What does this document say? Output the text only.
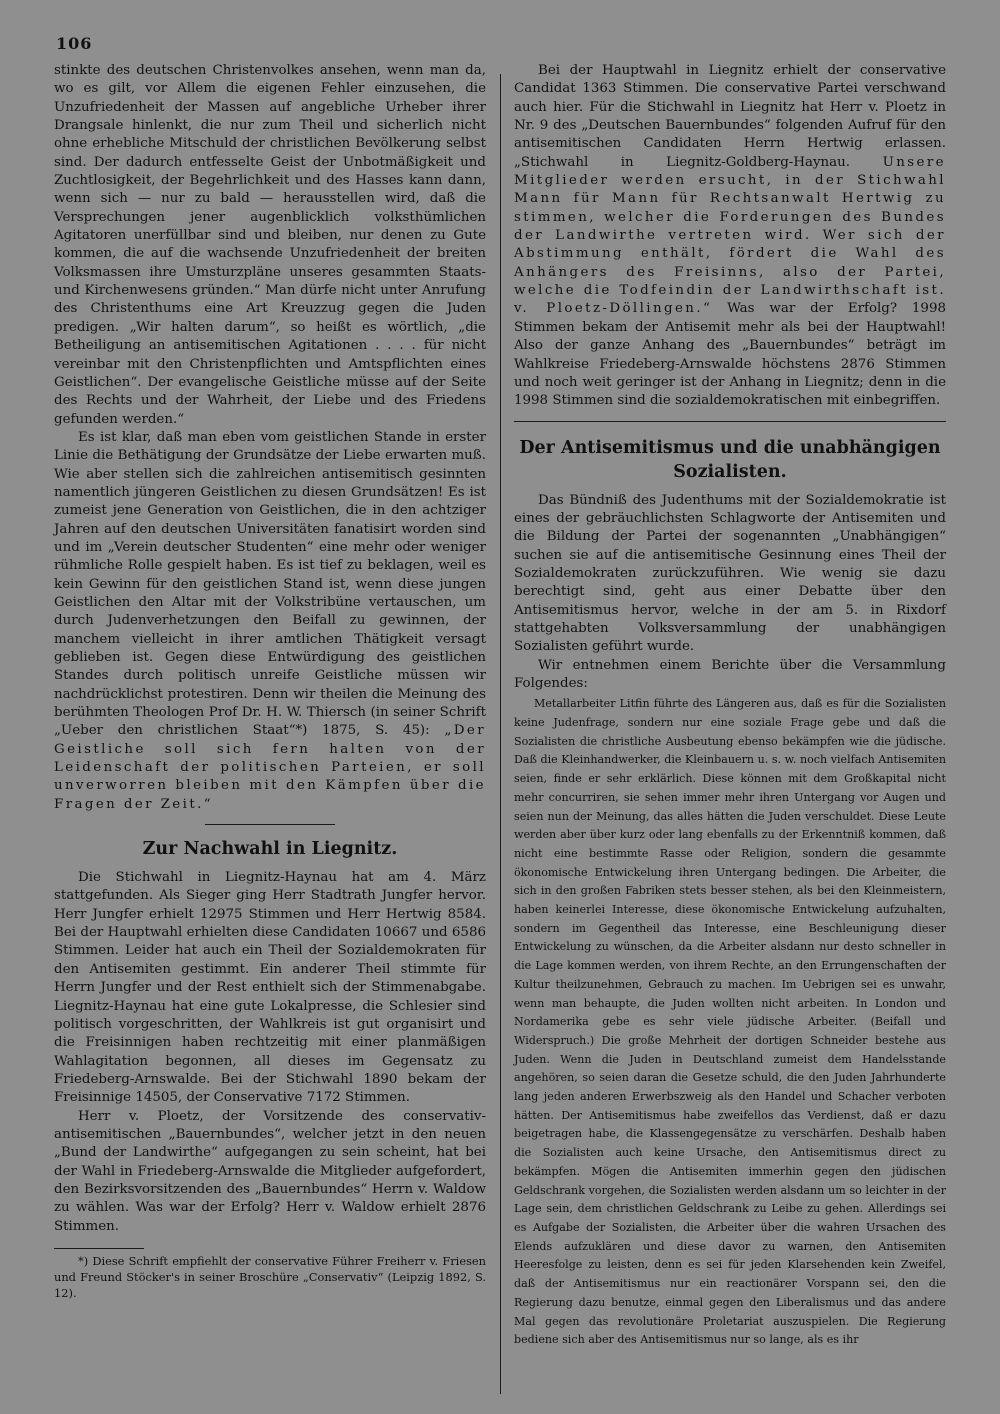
106

stinkte des deutschen Christenvolkes ansehen, wenn man da, wo es gilt, vor Allem die eigenen Fehler einzusehen, die Unzufriedenheit der Massen auf angebliche Urheber ihrer Drangsale hinlenkt, die nur zum Theil und sicherlich nicht ohne erhebliche Mitschuld der christlichen Bevölkerung selbst sind. Der dadurch entfesselte Geist der Unbotmäßigkeit und Zuchtlosigkeit, der Begehrlichkeit und des Hasses kann dann, wenn sich — nur zu bald — herausstellen wird, daß die Versprechungen jener augenblicklich volksthümlichen Agitatoren unerfüllbar sind und bleiben, nur denen zu Gute kommen, die auf die wachsende Unzufriedenheit der breiten Volksmassen ihre Umsturzpläne unseres gesammten Staats- und Kirchenwesens gründen.“ Man dürfe nicht unter Anrufung des Christenthums eine Art Kreuzzug gegen die Juden predigen. „Wir halten darum“, so heißt es wörtlich, „die Betheiligung an antisemitischen Agitationen . . . . für nicht vereinbar mit den Christenpflichten und Amtspflichten eines Geistlichen“. Der evangelische Geistliche müsse auf der Seite des Rechts und der Wahrheit, der Liebe und des Friedens gefunden werden.“

Es ist klar, daß man eben vom geistlichen Stande in erster Linie die Bethätigung der Grundsätze der Liebe erwarten muß. Wie aber stellen sich die zahlreichen antisemitisch gesinnten namentlich jüngeren Geistlichen zu diesen Grundsätzen! Es ist zumeist jene Generation von Geistlichen, die in den achtziger Jahren auf den deutschen Universitäten fanatisirt worden sind und im „Verein deutscher Studenten“ eine mehr oder weniger rühmliche Rolle gespielt haben. Es ist tief zu beklagen, weil es kein Gewinn für den geistlichen Stand ist, wenn diese jungen Geistlichen den Altar mit der Volkstribüne vertauschen, um durch Judenverhetzungen den Beifall zu gewinnen, der manchem vielleicht in ihrer amtlichen Thätigkeit versagt geblieben ist. Gegen diese Entwürdigung des geistlichen Standes durch politisch unreife Geistliche müssen wir nachdrücklichst protestiren. Denn wir theilen die Meinung des berühmten Theologen Prof Dr. H. W. Thiersch (in seiner Schrift „Ueber den christlichen Staat“*) 1875, S. 45): „Der Geistliche soll sich fern halten von der Leidenschaft der politischen Parteien, er soll unverworren bleiben mit den Kämpfen über die Fragen der Zeit.“

Zur Nachwahl in Liegnitz.

Die Stichwahl in Liegnitz-Haynau hat am 4. März stattgefunden. Als Sieger ging Herr Stadtrath Jungfer hervor. Herr Jungfer erhielt 12975 Stimmen und Herr Hertwig 8584. Bei der Hauptwahl erhielten diese Candidaten 10667 und 6586 Stimmen. Leider hat auch ein Theil der Sozialdemokraten für den Antisemiten gestimmt. Ein anderer Theil stimmte für Herrn Jungfer und der Rest enthielt sich der Stimmenabgabe. Liegnitz-Haynau hat eine gute Lokalpresse, die Schlesier sind politisch vorgeschritten, der Wahlkreis ist gut organisirt und die Freisinnigen haben rechtzeitig mit einer planmäßigen Wahlagitation begonnen, all dieses im Gegensatz zu Friedeberg-Arnswalde. Bei der Stichwahl 1890 bekam der Freisinnige 14505, der Conservative 7172 Stimmen.

Herr v. Ploetz, der Vorsitzende des conservativ-antisemitischen „Bauernbundes“, welcher jetzt in den neuen „Bund der Landwirthe“ aufgegangen zu sein scheint, hat bei der Wahl in Friedeberg-Arnswalde die Mitglieder aufgefordert, den Bezirksvorsitzenden des „Bauernbundes“ Herrn v. Waldow zu wählen. Was war der Erfolg? Herr v. Waldow erhielt 2876 Stimmen.

*) Diese Schrift empfiehlt der conservative Führer Freiherr v. Friesen und Freund Stöcker's in seiner Broschüre „Conservativ“ (Leipzig 1892, S. 12).

Bei der Hauptwahl in Liegnitz erhielt der conservative Candidat 1363 Stimmen. Die conservative Partei verschwand auch hier. Für die Stichwahl in Liegnitz hat Herr v. Ploetz in Nr. 9 des „Deutschen Bauernbundes“ folgenden Aufruf für den antisemitischen Candidaten Herrn Hertwig erlassen. „Stichwahl in Liegnitz-Goldberg-Haynau. Unsere Mitglieder werden ersucht, in der Stichwahl Mann für Mann für Rechtsanwalt Hertwig zu stimmen, welcher die Forderungen des Bundes der Landwirthe vertreten wird. Wer sich der Abstimmung enthält, fördert die Wahl des Anhängers des Freisinns, also der Partei, welche die Todfeindin der Landwirthschaft ist. v. Ploetz-Döllingen.“ Was war der Erfolg? 1998 Stimmen bekam der Antisemit mehr als bei der Hauptwahl! Also der ganze Anhang des „Bauernbundes“ beträgt im Wahlkreise Friedeberg-Arnswalde höchstens 2876 Stimmen und noch weit geringer ist der Anhang in Liegnitz; denn in die 1998 Stimmen sind die sozialdemokratischen mit einbegriffen.

Der Antisemitismus und die unabhängigen
Sozialisten.

Das Bündniß des Judenthums mit der Sozialdemokratie ist eines der gebräuchlichsten Schlagworte der Antisemiten und die Bildung der Partei der sogenannten „Unabhängigen“ suchen sie auf die antisemitische Gesinnung eines Theil der Sozialdemokraten zurückzuführen. Wie wenig sie dazu berechtigt sind, geht aus einer Debatte über den Antisemitismus hervor, welche in der am 5. in Rixdorf stattgehabten Volksversammlung der unabhängigen Sozialisten geführt wurde.

Wir entnehmen einem Berichte über die Versammlung Folgendes:

Metallarbeiter Litfin führte des Längeren aus, daß es für die Sozialisten keine Judenfrage, sondern nur eine soziale Frage gebe und daß die Sozialisten die christliche Ausbeutung ebenso bekämpfen wie die jüdische. Daß die Kleinhandwerker, die Kleinbauern u. s. w. noch vielfach Antisemiten seien, finde er sehr erklärlich. Diese können mit dem Großkapital nicht mehr concurriren, sie sehen immer mehr ihren Untergang vor Augen und seien nun der Meinung, das alles hätten die Juden verschuldet. Diese Leute werden aber über kurz oder lang ebenfalls zu der Erkenntniß kommen, daß nicht eine bestimmte Rasse oder Religion, sondern die gesammte ökonomische Entwickelung ihren Untergang bedingen. Die Arbeiter, die sich in den großen Fabriken stets besser stehen, als bei den Kleinmeistern, haben keinerlei Interesse, diese ökonomische Entwickelung aufzuhalten, sondern im Gegentheil das Interesse, eine Beschleunigung dieser Entwickelung zu wünschen, da die Arbeiter alsdann nur desto schneller in die Lage kommen werden, von ihrem Rechte, an den Errungenschaften der Kultur theilzunehmen, Gebrauch zu machen. Im Uebrigen sei es unwahr, wenn man behaupte, die Juden wollten nicht arbeiten. In London und Nordamerika gebe es sehr viele jüdische Arbeiter. (Beifall und Widerspruch.) Die große Mehrheit der dortigen Schneider bestehe aus Juden. Wenn die Juden in Deutschland zumeist dem Handelsstande angehören, so seien daran die Gesetze schuld, die den Juden Jahrhunderte lang jeden anderen Erwerbszweig als den Handel und Schacher verboten hätten. Der Antisemitismus habe zweifellos das Verdienst, daß er dazu beigetragen habe, die Klassengegensätze zu verschärfen. Deshalb haben die Sozialisten auch keine Ursache, den Antisemitismus direct zu bekämpfen. Mögen die Antisemiten immerhin gegen den jüdischen Geldschrank vorgehen, die Sozialisten werden alsdann um so leichter in der Lage sein, dem christlichen Geldschrank zu Leibe zu gehen. Allerdings sei es Aufgabe der Sozialisten, die Arbeiter über die wahren Ursachen des Elends aufzuklären und diese davor zu warnen, den Antisemiten Heeresfolge zu leisten, denn es sei für jeden Klarsehenden kein Zweifel, daß der Antisemitismus nur ein reactionärer Vorspann sei, den die Regierung dazu benutze, einmal gegen den Liberalismus und das andere Mal gegen das revolutionäre Proletariat auszuspielen. Die Regierung bediene sich aber des Antisemitismus nur so lange, als es ihr
